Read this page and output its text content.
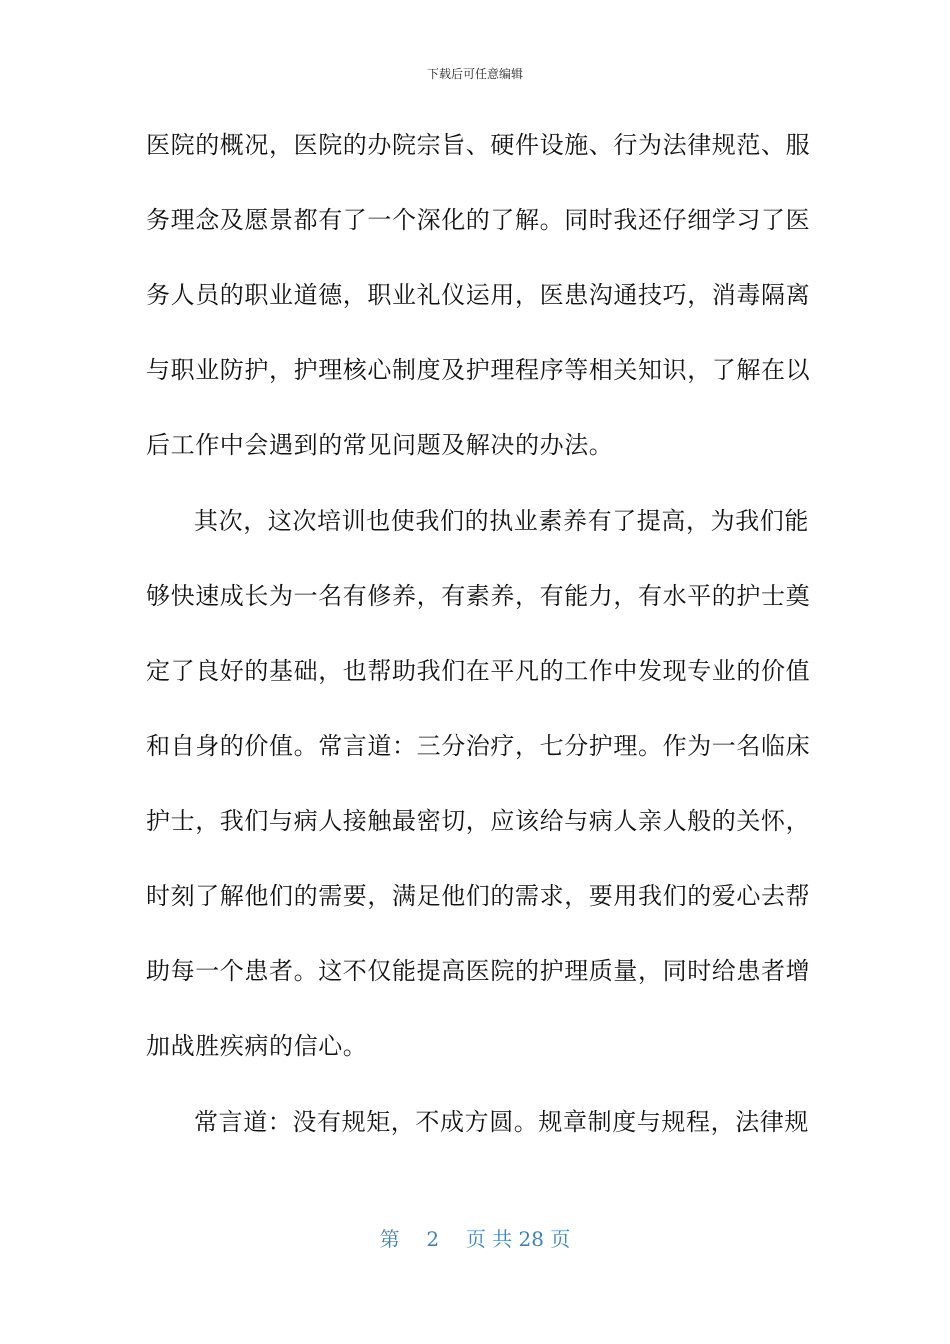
下载后可任意编辑
医院的概况，医院的办院宗旨、硬件设施、行为法律规范、服
务理念及愿景都有了一个深化的了解。同时我还仔细学习了医
务人员的职业道德，职业礼仪运用，医患沟通技巧，消毒隔离
与职业防护，护理核心制度及护理程序等相关知识，了解在以
后工作中会遇到的常见问题及解决的办法。
其次，这次培训也使我们的执业素养有了提高，为我们能
够快速成长为一名有修养，有素养，有能力，有水平的护士奠
定了良好的基础，也帮助我们在平凡的工作中发现专业的价值
和自身的价值。常言道：三分治疗，七分护理。作为一名临床
护士，我们与病人接触最密切，应该给与病人亲人般的关怀，
时刻了解他们的需要，满足他们的需求，要用我们的爱心去帮
助每一个患者。这不仅能提高医院的护理质量，同时给患者增
加战胜疾病的信心。
常言道：没有规矩，不成方圆。规章制度与规程，法律规
第 2 页 共 28 页
